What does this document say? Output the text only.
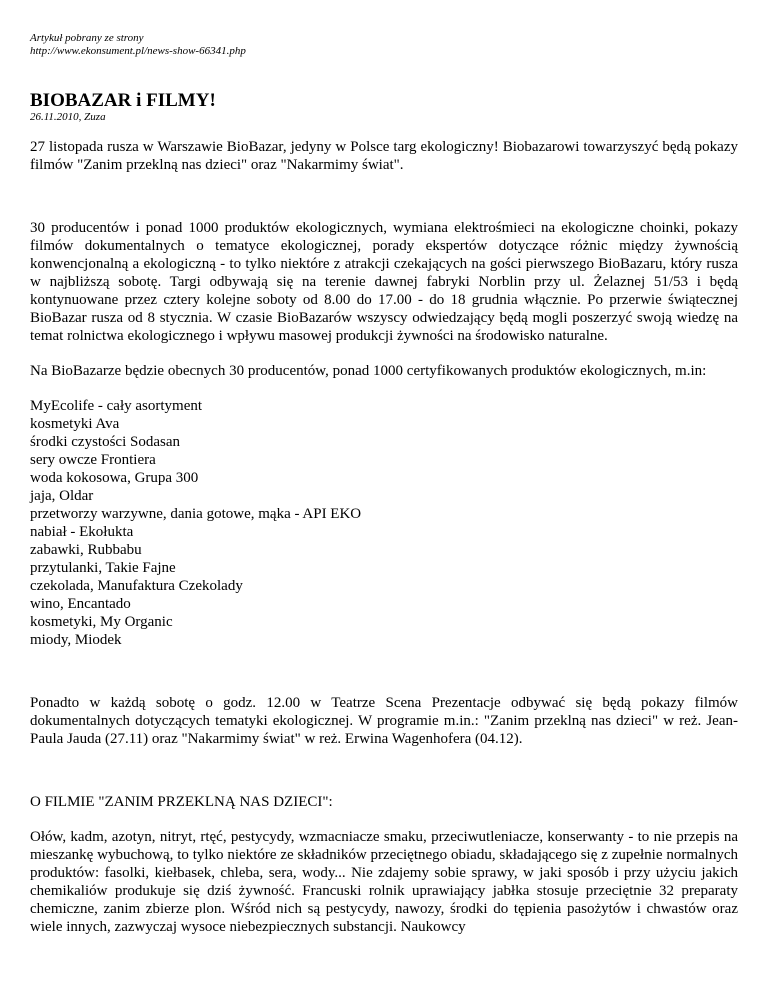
Artykuł pobrany ze strony
http://www.ekonsument.pl/news-show-66341.php
BIOBAZAR i FILMY!
26.11.2010, Zuza

27 listopada rusza w Warszawie BioBazar, jedyny w Polsce targ ekologiczny! Biobazarowi towarzyszyć będą pokazy filmów "Zanim przeklną nas dzieci" oraz "Nakarmimy świat".

30 producentów i ponad 1000 produktów ekologicznych, wymiana elektrośmieci na ekologiczne choinki, pokazy filmów dokumentalnych o tematyce ekologicznej, porady ekspertów dotyczące różnic między żywnością konwencjonalną a ekologiczną - to tylko niektóre z atrakcji czekających na gości pierwszego BioBazaru, który rusza w najbliższą sobotę. Targi odbywają się na terenie dawnej fabryki Norblin przy ul. Żelaznej 51/53 i będą kontynuowane przez cztery kolejne soboty od 8.00 do 17.00 - do 18 grudnia włącznie. Po przerwie świątecznej BioBazar rusza od 8 stycznia. W czasie BioBazarów wszyscy odwiedzający będą mogli poszerzyć swoją wiedzę na temat rolnictwa ekologicznego i wpływu masowej produkcji żywności na środowisko naturalne.

Na BioBazarze będzie obecnych 30 producentów, ponad 1000 certyfikowanych produktów ekologicznych, m.in:

MyEcolife - cały asortyment
kosmetyki Ava
środki czystości Sodasan
sery owcze Frontiera
woda kokosowa, Grupa 300
jaja, Oldar
przetworzy warzywne, dania gotowe, mąka - API EKO
nabiał - Ekołukta
zabawki, Rubbabu
przytulanki, Takie Fajne
czekolada, Manufaktura Czekolady
wino, Encantado
kosmetyki, My Organic
miody, Miodek

Ponadto w każdą sobotę o godz. 12.00 w Teatrze Scena Prezentacje odbywać się będą pokazy filmów dokumentalnych dotyczących tematyki ekologicznej. W programie m.in.: "Zanim przeklną nas dzieci" w reż. Jean-Paula Jauda (27.11) oraz "Nakarmimy świat" w reż. Erwina Wagenhofera (04.12).

O FILMIE "ZANIM PRZEKLNĄ NAS DZIECI":

Ołów, kadm, azotyn, nitryt, rtęć, pestycydy, wzmacniacze smaku, przeciwutleniacze, konserwanty - to nie przepis na mieszankę wybuchową, to tylko niektóre ze składników przeciętnego obiadu, składającego się z zupełnie normalnych produktów: fasolki, kiełbasek, chleba, sera, wody... Nie zdajemy sobie sprawy, w jaki sposób i przy użyciu jakich chemikaliów produkuje się dziś żywność. Francuski rolnik uprawiający jabłka stosuje przeciętnie 32 preparaty chemiczne, zanim zbierze plon. Wśród nich są pestycydy, nawozy, środki do tępienia pasożytów i chwastów oraz wiele innych, zazwyczaj wysoce niebezpiecznych substancji. Naukowcy
